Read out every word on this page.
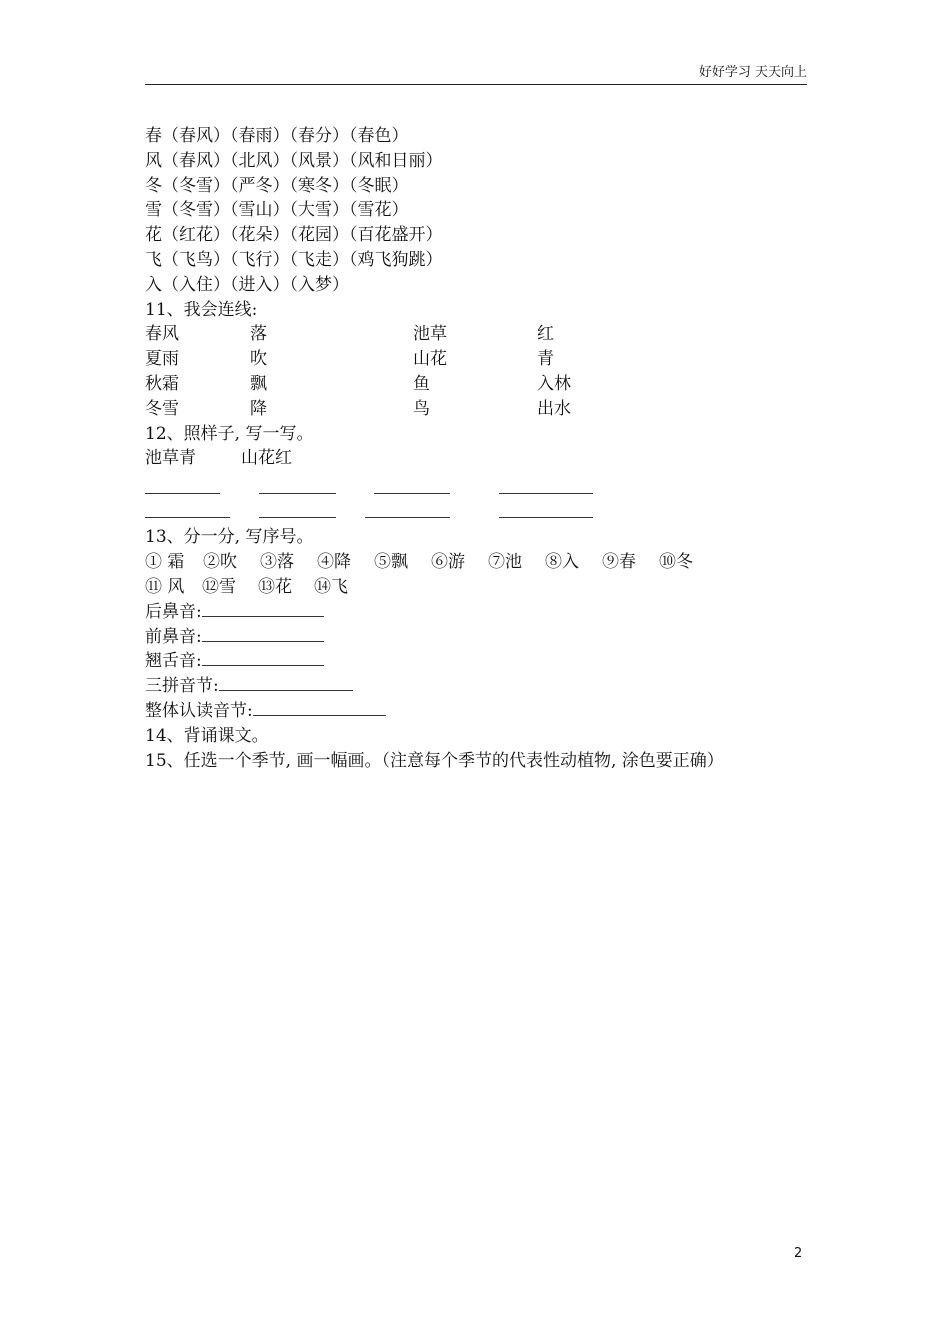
好好学习 天天向上
春（春风）（春雨）（春分）（春色）
风（春风）（北风）（风景）（风和日丽）
冬（冬雪）（严冬）（寒冬）（冬眠）
雪（冬雪）（雪山）（大雪）（雪花）
花（红花）（花朵）（花园）（百花盛开）
飞（飞鸟）（飞行）（飞走）（鸡飞狗跳）
入（入住）（进入）（入梦）
11、我会连线:
春风	落	池草	红
夏雨	吹	山花	青
秋霜	飘	鱼	入林
冬雪	降	鸟	出水
12、照样子, 写一写。
池草青	山花红
13、分一分, 写序号。
① 霜 ②吹 ③落 ④降 ⑤飘 ⑥游 ⑦池 ⑧入 ⑨春 ⑩冬
⑪ 风 ⑫雪 ⑬花 ⑭飞
后鼻音:
前鼻音:
翘舌音:
三拼音节:
整体认读音节:
14、背诵课文。
15、任选一个季节, 画一幅画。（注意每个季节的代表性动植物, 涂色要正确）
2
